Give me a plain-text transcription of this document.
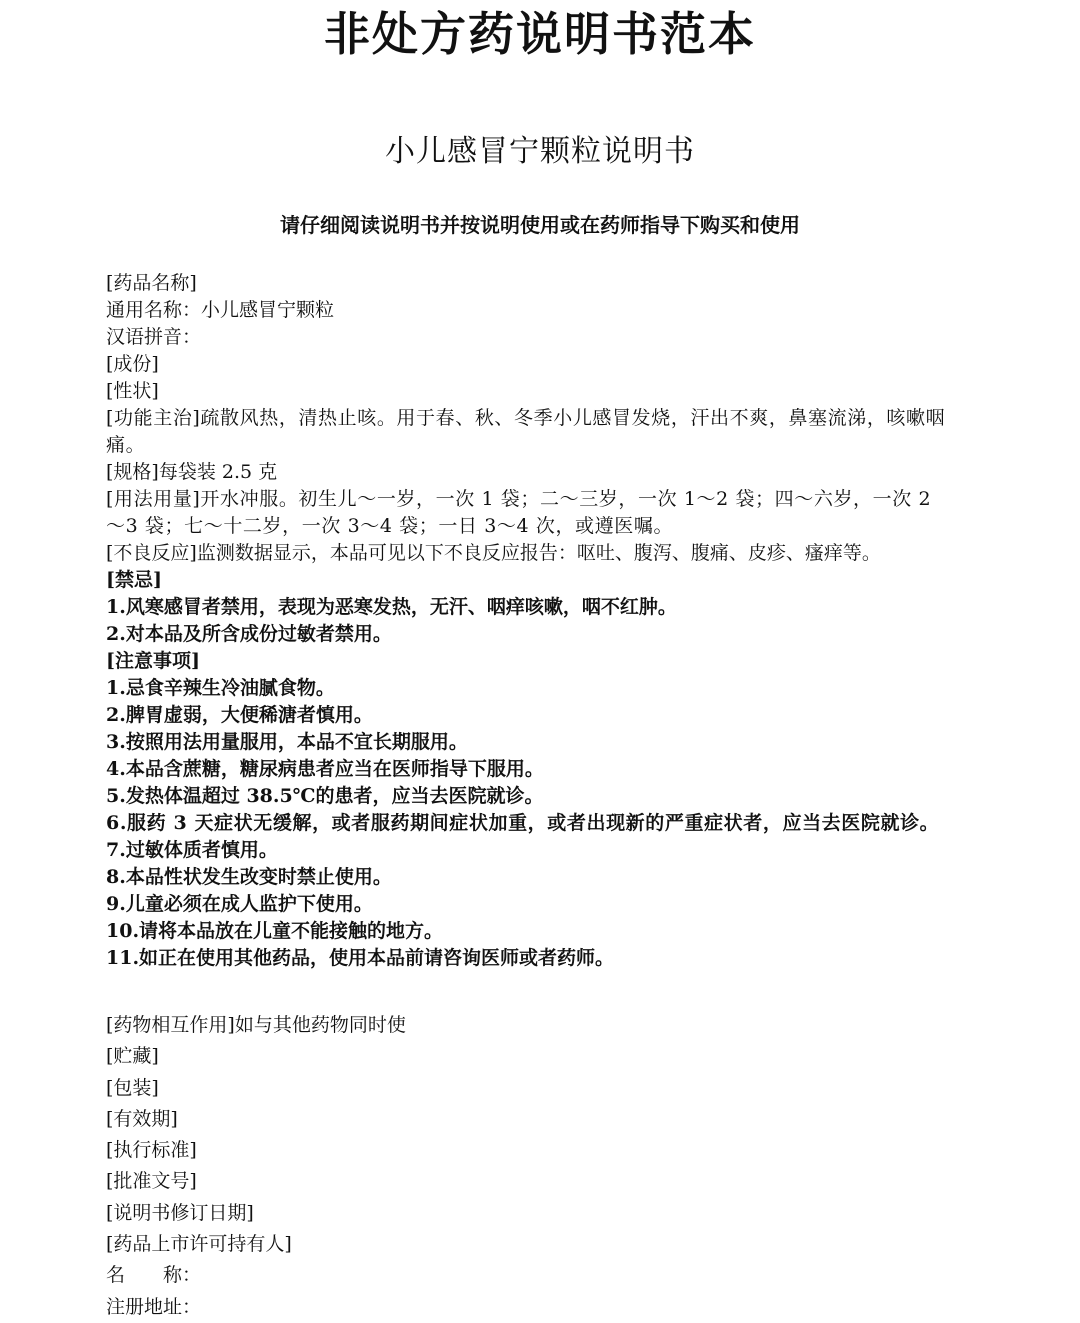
非处方药说明书范本
小儿感冒宁颗粒说明书
请仔细阅读说明书并按说明使用或在药师指导下购买和使用
[药品名称]
通用名称：小儿感冒宁颗粒
汉语拼音：
[成份]
[性状]
[功能主治]疏散风热，清热止咳。用于春、秋、冬季小儿感冒发烧，汗出不爽，鼻塞流涕，咳嗽咽痛。
[规格]每袋装 2.5 克
[用法用量]开水冲服。初生儿～一岁，一次 1 袋；二～三岁，一次 1～2 袋；四～六岁，一次 2～3 袋；七～十二岁，一次 3～4 袋；一日 3～4 次，或遵医嘱。
[不良反应]监测数据显示，本品可见以下不良反应报告：呕吐、腹泻、腹痛、皮疹、瘙痒等。
[禁忌]
1.风寒感冒者禁用，表现为恶寒发热，无汗、咽痒咳嗽，咽不红肿。
2.对本品及所含成份过敏者禁用。
[注意事项]
1.忌食辛辣生冷油腻食物。
2.脾胃虚弱，大便稀溏者慎用。
3.按照用法用量服用，本品不宜长期服用。
4.本品含蔗糖，糖尿病患者应当在医师指导下服用。
5.发热体温超过 38.5℃的患者，应当去医院就诊。
6.服药 3 天症状无缓解，或者服药期间症状加重，或者出现新的严重症状者，应当去医院就诊。
7.过敏体质者慎用。
8.本品性状发生改变时禁止使用。
9.儿童必须在成人监护下使用。
10.请将本品放在儿童不能接触的地方。
11.如正在使用其他药品，使用本品前请咨询医师或者药师。
[药物相互作用]如与其他药物同时使
[贮藏]
[包装]
[有效期]
[执行标准]
[批准文号]
[说明书修订日期]
[药品上市许可持有人]
名　　称：
注册地址：
